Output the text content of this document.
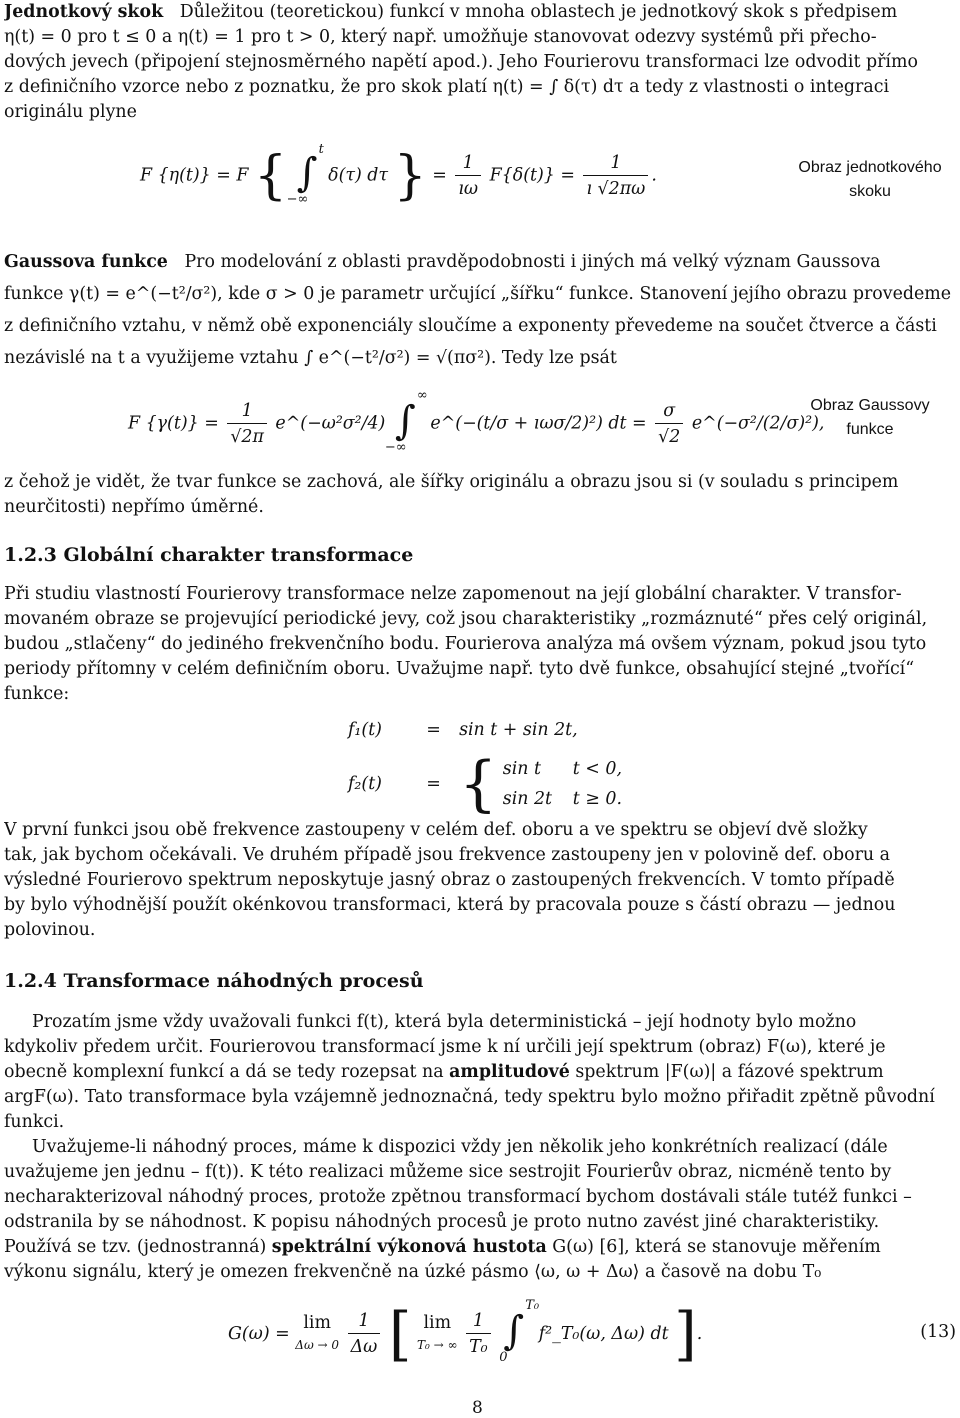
Jednotkový skok Důležitou (teoretickou) funkcí v mnoha oblastech je jednotkový skok s předpisem
η(t) = 0 pro t ≤ 0 a η(t) = 1 pro t > 0, který např. umožňuje stanovovat odezvy systémů při přecho-
dových jevech (připojení stejnosměrného napětí apod.). Jeho Fourierovu transformaci lze odvodit přímo
z definičního vzorce nebo z poznatku, že pro skok platí η(t) = ∫ δ(τ) dτ a tedy z vlastnosti o integraci
originálu plyne
F {η(t)} = F { ∫
t
−∞
δ(τ) dτ } = $\frac{1}{ı\omega} F\{\delta(t)\} = \frac{1}{ı √2\pi\omega}$ .	Obraz jednotkového skoku
Gaussova funkce Pro modelování z oblasti pravděpodobnosti i jiných má velký význam Gaussova
funkce γ(t) = e^(−t²/σ²), kde σ > 0 je parametr určující „šířku“ funkce. Stanovení jejího obrazu provedeme
z definičního vztahu, v němž obě exponenciály sloučíme a exponenty převedeme na součet čtverce a části
nezávislé na t a využijeme vztahu ∫ e^(−t²/σ²) = √(πσ²). Tedy lze psát
F $\{\gamma(t)\} = \frac{1}{√2\pi}$ e^(−ω²σ²/4) ∫
∞
−∞
e^(−(t/σ + ıωσ/2)²) dt = $\frac{\sigma}{√2}$ e^(−σ²/(2/σ)²),
Obraz Gaussovy funkce
z čehož je vidět, že tvar funkce se zachová, ale šířky originálu a obrazu jsou si (v souladu s principem
neurčitosti) nepřímo úměrné.
1.2.3 Globální charakter transformace
Při studiu vlastností Fourierovy transformace nelze zapomenout na její globální charakter. V transfor-
movaném obraze se projevující periodické jevy, což jsou charakteristiky „rozmáznuté“ přes celý originál,
budou „stlačeny“ do jediného frekvenčního bodu. Fourierova analýza má ovšem význam, pokud jsou tyto
periody přítomny v celém definičním oboru. Uvažujme např. tyto dvě funkce, obsahující stejné „tvořící“
funkce:
f₁(t)	= sin t + sin 2t,
f₂(t)	= { sin t t < 0,
sin 2t t ≥ 0.
V první funkci jsou obě frekvence zastoupeny v celém def. oboru a ve spektru se objeví dvě složky
tak, jak bychom očekávali. Ve druhém případě jsou frekvence zastoupeny jen v polovině def. oboru a
výsledné Fourierovo spektrum neposkytuje jasný obraz o zastoupených frekvencích. V tomto případě
by bylo výhodnější použít okénkovou transformaci, která by pracovala pouze s částí obrazu — jednou
polovinou.
1.2.4 Transformace náhodných procesů
Prozatím jsme vždy uvažovali funkci f(t), která byla deterministická – její hodnoty bylo možno
kdykoliv předem určit. Fourierovou transformací jsme k ní určili její spektrum (obraz) F(ω), které je
obecně komplexní funkcí a dá se tedy rozepsat na amplitudové spektrum |F(ω)| a fázové spektrum
argF(ω). Tato transformace byla vzájemně jednoznačná, tedy spektru bylo možno přiřadit zpětně původní
funkci.
Uvažujeme-li náhodný proces, máme k dispozici vždy jen několik jeho konkrétních realizací (dále
uvažujeme jen jednu – f(t)). K této realizaci můžeme sice sestrojit Fourierův obraz, nicméně tento by
necharakterizoval náhodný proces, protože zpětnou transformací bychom dostávali stále tutéž funkci –
odstranila by se náhodnost. K popisu náhodných procesů je proto nutno zavést jiné charakteristiky.
Používá se tzv. (jednostranná) spektrální výkonová hustota G(ω) [6], která se stanovuje měřením
výkonu signálu, který je omezen frekvenčně na úzké pásmo ⟨ω, ω + Δω⟩ a časově na dobu T₀
G(ω) =
lim
Δω → 0
$\frac{1}{\Delta\omega}$ [ lim
T₀ → ∞
$\frac{1}{\text{T₀}}$
∫
T₀
0
f²_T₀(ω, Δω) dt ].	(13)
8
